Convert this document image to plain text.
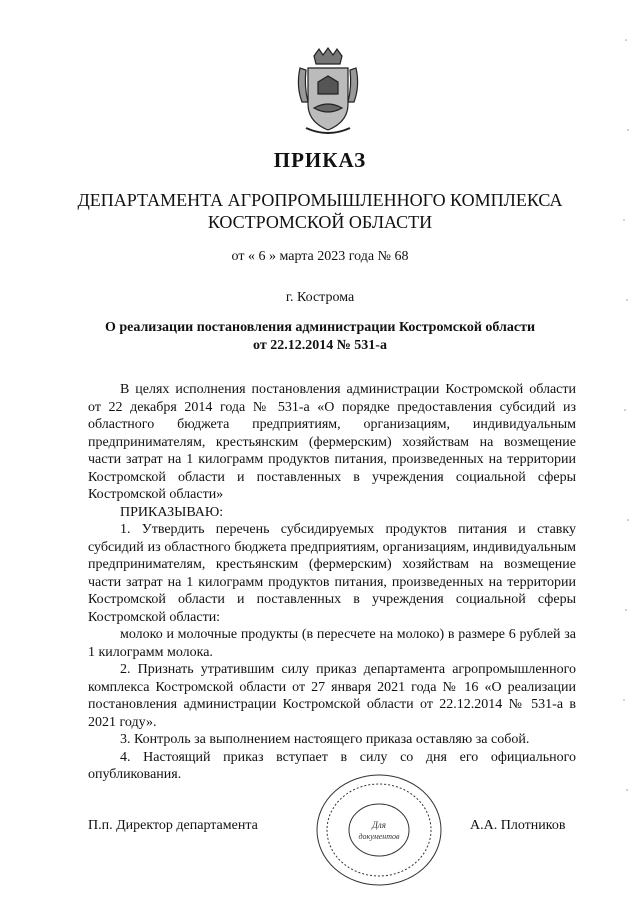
ПРИКАЗ
ДЕПАРТАМЕНТА АГРОПРОМЫШЛЕННОГО КОМПЛЕКСА
КОСТРОМСКОЙ ОБЛАСТИ
от « 6 » марта 2023 года № 68
г. Кострома
О реализации постановления администрации Костромской области
от 22.12.2014 № 531-а

В целях исполнения постановления администрации Костромской области от 22 декабря 2014 года № 531-а «О порядке предоставления субсидий из областного бюджета предприятиям, организациям, индивидуальным предпринимателям, крестьянским (фермерским) хозяйствам на возмещение части затрат на 1 килограмм продуктов питания, произведенных на территории Костромской области и поставленных в учреждения социальной сферы Костромской области»

ПРИКАЗЫВАЮ:

1. Утвердить перечень субсидируемых продуктов питания и ставку субсидий из областного бюджета предприятиям, организациям, индивидуальным предпринимателям, крестьянским (фермерским) хозяйствам на возмещение части затрат на 1 килограмм продуктов питания, произведенных на территории Костромской области и поставленных в учреждения социальной сферы Костромской области:

молоко и молочные продукты (в пересчете на молоко) в размере 6 рублей за 1 килограмм молока.

2. Признать утратившим силу приказ департамента агропромышленного комплекса Костромской области от 27 января 2021 года № 16 «О реализации постановления администрации Костромской области от 22.12.2014 № 531-а в 2021 году».

3. Контроль за выполнением настоящего приказа оставляю за собой.

4. Настоящий приказ вступает в силу со дня его официального опубликования.

П.п. Директор департамента	А.А. Плотников
Для
документов
